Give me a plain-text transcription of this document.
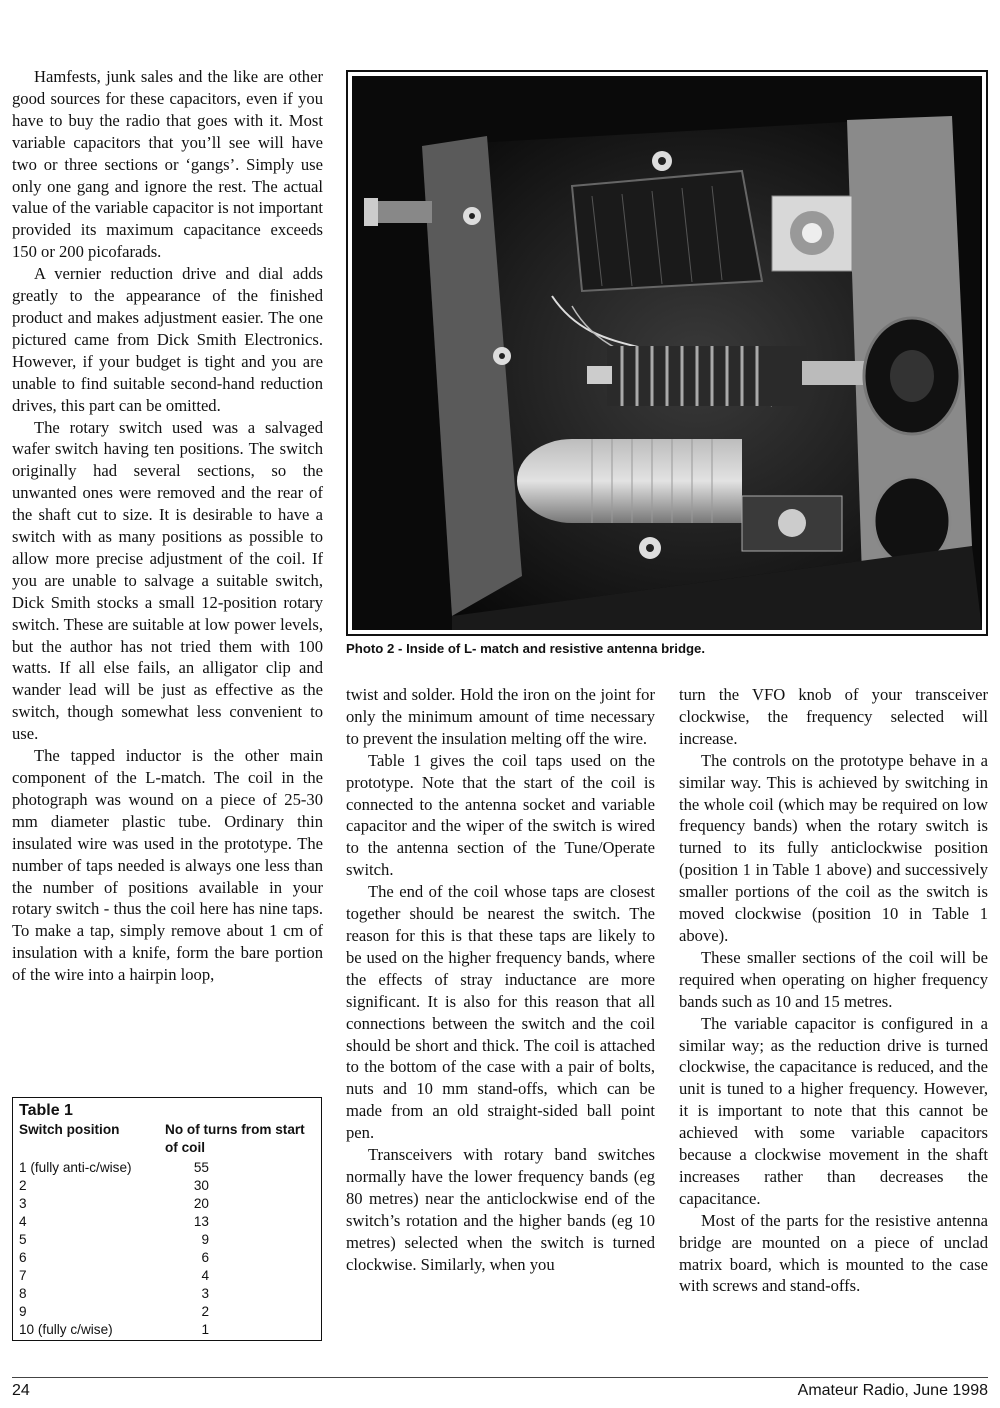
Hamfests, junk sales and the like are other good sources for these capacitors, even if you have to buy the radio that goes with it. Most variable capacitors that you’ll see will have two or three sections or ‘gangs’. Simply use only one gang and ignore the rest. The actual value of the variable capacitor is not important provided its maximum capacitance exceeds 150 or 200 picofarads.

A vernier reduction drive and dial adds greatly to the appearance of the finished product and makes adjustment easier. The one pictured came from Dick Smith Electronics. However, if your budget is tight and you are unable to find suitable second-hand reduction drives, this part can be omitted.

The rotary switch used was a salvaged wafer switch having ten positions. The switch originally had several sections, so the unwanted ones were removed and the rear of the shaft cut to size. It is desirable to have a switch with as many positions as possible to allow more precise adjustment of the coil. If you are unable to salvage a suitable switch, Dick Smith stocks a small 12-position rotary switch. These are suitable at low power levels, but the author has not tried them with 100 watts. If all else fails, an alligator clip and wander lead will be just as effective as the switch, though somewhat less convenient to use.

The tapped inductor is the other main component of the L-match. The coil in the photograph was wound on a piece of 25-30 mm diameter plastic tube. Ordinary thin insulated wire was used in the prototype. The number of taps needed is always one less than the number of positions available in your rotary switch - thus the coil here has nine taps. To make a tap, simply remove about 1 cm of insulation with a knife, form the bare portion of the wire into a hairpin loop,

Photo 2 - Inside of L- match and resistive antenna bridge.
Table 1
Switch position	No of turns from start of coil
1 (fully anti-c/wise)	55
2	30
3	20
4	13
5	9
6	6
7	4
8	3
9	2
10 (fully c/wise)	1

twist and solder. Hold the iron on the joint for only the minimum amount of time necessary to prevent the insulation melting off the wire.

Table 1 gives the coil taps used on the prototype. Note that the start of the coil is connected to the antenna socket and variable capacitor and the wiper of the switch is wired to the antenna section of the Tune/Operate switch.

The end of the coil whose taps are closest together should be nearest the switch. The reason for this is that these taps are likely to be used on the higher frequency bands, where the effects of stray inductance are more significant. It is also for this reason that all connections between the switch and the coil should be short and thick. The coil is attached to the bottom of the case with a pair of bolts, nuts and 10 mm stand-offs, which can be made from an old straight-sided ball point pen.

Transceivers with rotary band switches normally have the lower frequency bands (eg 80 metres) near the anticlockwise end of the switch’s rotation and the higher bands (eg 10 metres) selected when the switch is turned clockwise. Similarly, when you

turn the VFO knob of your transceiver clockwise, the frequency selected will increase.

The controls on the prototype behave in a similar way. This is achieved by switching in the whole coil (which may be required on low frequency bands) when the rotary switch is turned to its fully anticlockwise position (position 1 in Table 1 above) and successively smaller portions of the coil as the switch is moved clockwise (position 10 in Table 1 above).

These smaller sections of the coil will be required when operating on higher frequency bands such as 10 and 15 metres.

The variable capacitor is configured in a similar way; as the reduction drive is turned clockwise, the capacitance is reduced, and the unit is tuned to a higher frequency. However, it is important to note that this cannot be achieved with some variable capacitors because a clockwise movement in the shaft increases rather than decreases the capacitance.

Most of the parts for the resistive antenna bridge are mounted on a piece of unclad matrix board, which is mounted to the case with screws and stand-offs.

24	Amateur Radio, June 1998
